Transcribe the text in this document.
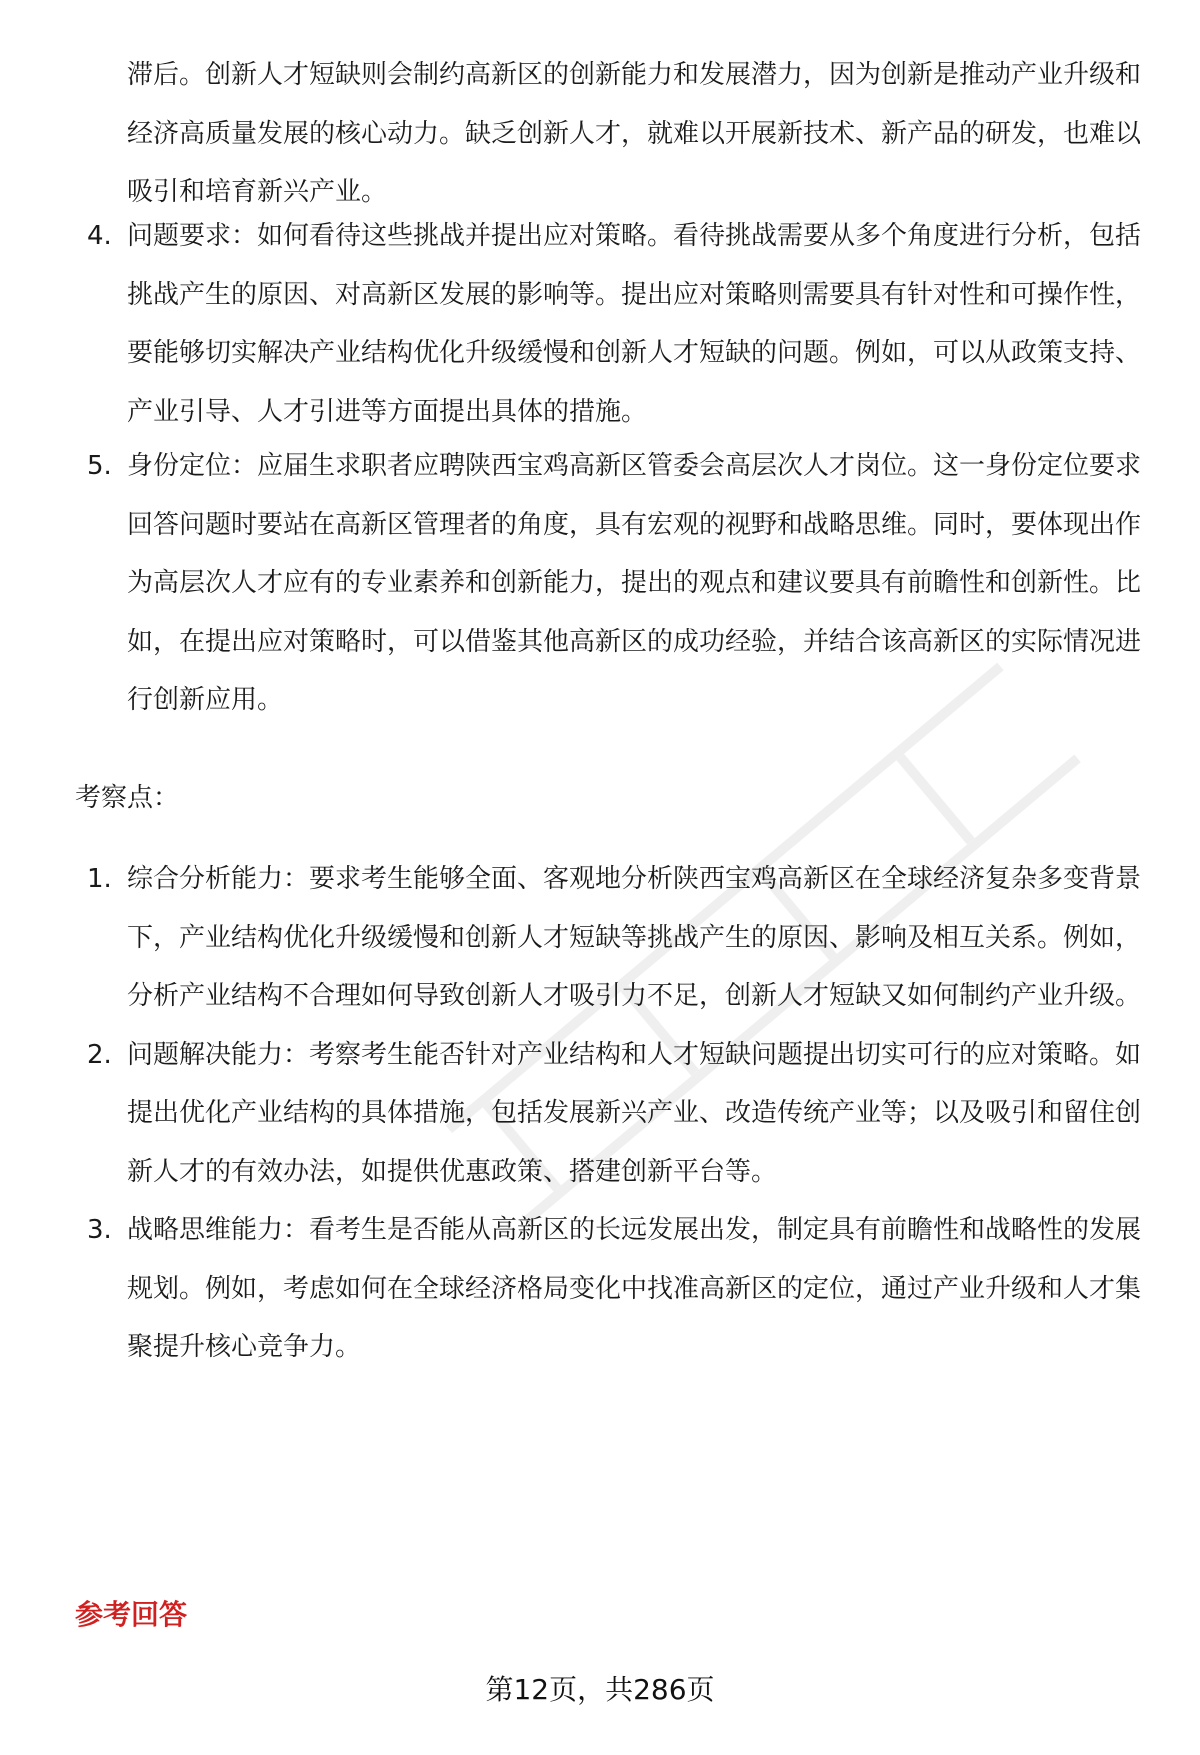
滞后。创新人才短缺则会制约高新区的创新能力和发展潜力，因为创新是推动产业升级和经济高质量发展的核心动力。缺乏创新人才，就难以开展新技术、新产品的研发，也难以吸引和培育新兴产业。

4. 问题要求：如何看待这些挑战并提出应对策略。看待挑战需要从多个角度进行分析，包括挑战产生的原因、对高新区发展的影响等。提出应对策略则需要具有针对性和可操作性，要能够切实解决产业结构优化升级缓慢和创新人才短缺的问题。例如，可以从政策支持、产业引导、人才引进等方面提出具体的措施。
5. 身份定位：应届生求职者应聘陕西宝鸡高新区管委会高层次人才岗位。这一身份定位要求回答问题时要站在高新区管理者的角度，具有宏观的视野和战略思维。同时，要体现出作为高层次人才应有的专业素养和创新能力，提出的观点和建议要具有前瞻性和创新性。比如，在提出应对策略时，可以借鉴其他高新区的成功经验，并结合该高新区的实际情况进行创新应用。
考察点：
1. 综合分析能力：要求考生能够全面、客观地分析陕西宝鸡高新区在全球经济复杂多变背景下，产业结构优化升级缓慢和创新人才短缺等挑战产生的原因、影响及相互关系。例如，分析产业结构不合理如何导致创新人才吸引力不足，创新人才短缺又如何制约产业升级。
2. 问题解决能力：考察考生能否针对产业结构和人才短缺问题提出切实可行的应对策略。如提出优化产业结构的具体措施，包括发展新兴产业、改造传统产业等；以及吸引和留住创新人才的有效办法，如提供优惠政策、搭建创新平台等。
3. 战略思维能力：看考生是否能从高新区的长远发展出发，制定具有前瞻性和战略性的发展规划。例如，考虑如何在全球经济格局变化中找准高新区的定位，通过产业升级和人才集聚提升核心竞争力。
参考回答
第12页，共286页
